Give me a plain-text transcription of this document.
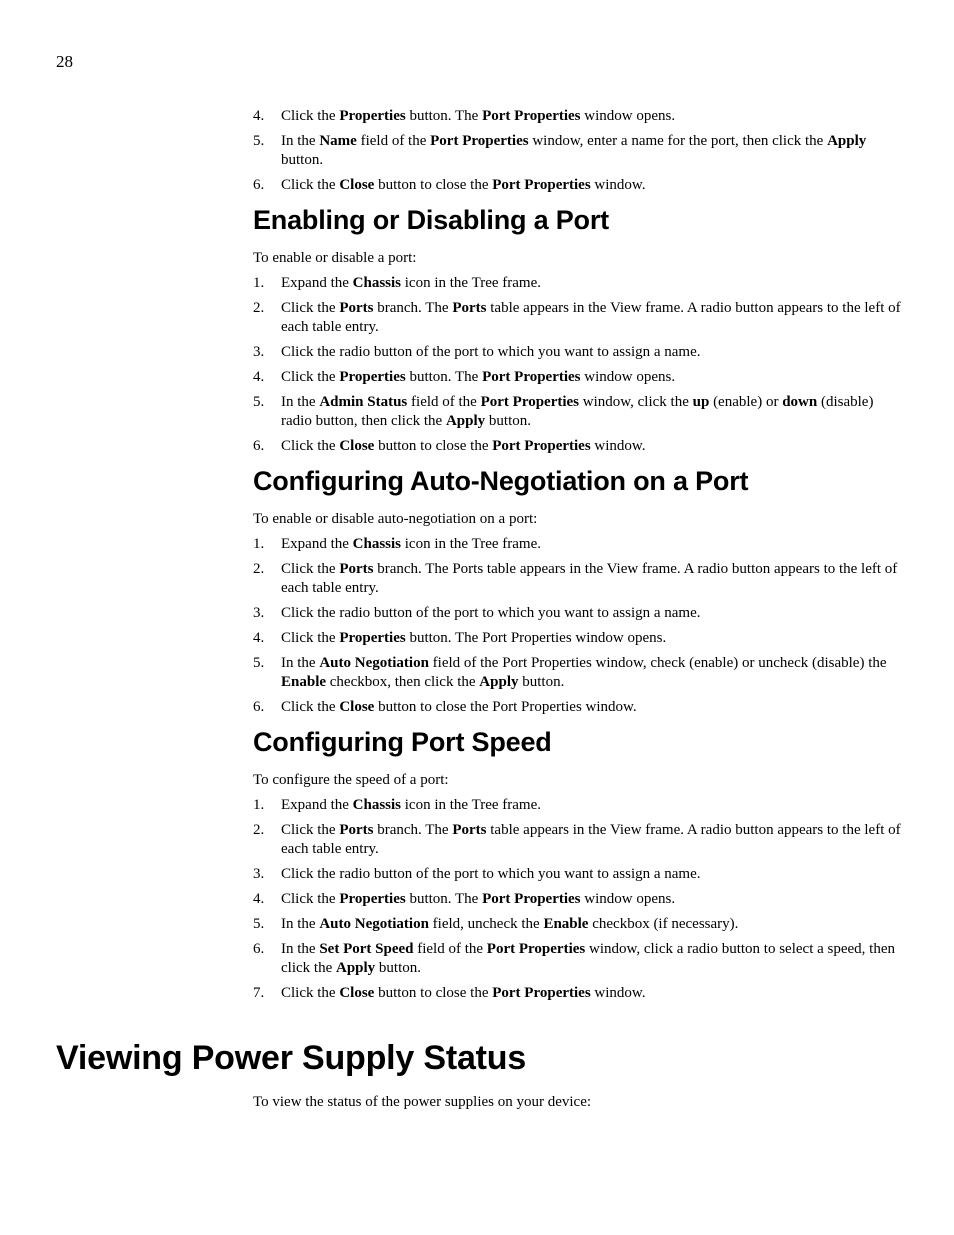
28
4. Click the Properties button. The Port Properties window opens.
5. In the Name field of the Port Properties window, enter a name for the port, then click the Apply button.
6. Click the Close button to close the Port Properties window.
Enabling or Disabling a Port

To enable or disable a port:

1. Expand the Chassis icon in the Tree frame.
2. Click the Ports branch. The Ports table appears in the View frame. A radio button appears to the left of each table entry.
3. Click the radio button of the port to which you want to assign a name.
4. Click the Properties button. The Port Properties window opens.
5. In the Admin Status field of the Port Properties window, click the up (enable) or down (disable) radio button, then click the Apply button.
6. Click the Close button to close the Port Properties window.
Configuring Auto-Negotiation on a Port

To enable or disable auto-negotiation on a port:

1. Expand the Chassis icon in the Tree frame.
2. Click the Ports branch. The Ports table appears in the View frame. A radio button appears to the left of each table entry.
3. Click the radio button of the port to which you want to assign a name.
4. Click the Properties button. The Port Properties window opens.
5. In the Auto Negotiation field of the Port Properties window, check (enable) or uncheck (disable) the Enable checkbox, then click the Apply button.
6. Click the Close button to close the Port Properties window.
Configuring Port Speed

To configure the speed of a port:

1. Expand the Chassis icon in the Tree frame.
2. Click the Ports branch. The Ports table appears in the View frame. A radio button appears to the left of each table entry.
3. Click the radio button of the port to which you want to assign a name.
4. Click the Properties button. The Port Properties window opens.
5. In the Auto Negotiation field, uncheck the Enable checkbox (if necessary).
6. In the Set Port Speed field of the Port Properties window, click a radio button to select a speed, then click the Apply button.
7. Click the Close button to close the Port Properties window.
Viewing Power Supply Status

To view the status of the power supplies on your device:
